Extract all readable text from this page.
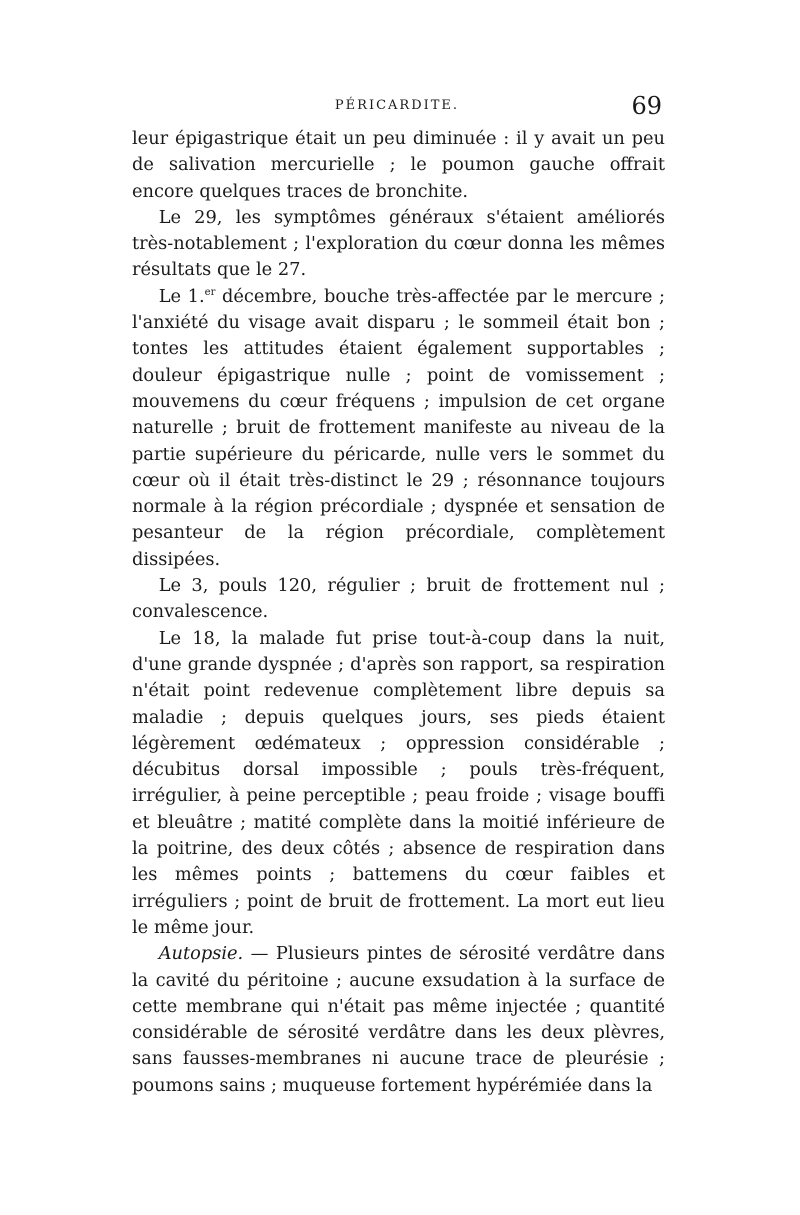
PÉRICARDITE.	69

leur épigastrique était un peu diminuée : il y avait un peu de salivation mercurielle ; le poumon gauche offrait encore quelques traces de bronchite.

Le 29, les symptômes généraux s'étaient améliorés très-notablement ; l'exploration du cœur donna les mêmes résultats que le 27.

Le 1.$^{er}$ décembre, bouche très-affectée par le mercure ; l'anxiété du visage avait disparu ; le sommeil était bon ; tontes les attitudes étaient également supportables ; douleur épigastrique nulle ; point de vomissement ; mouvemens du cœur fréquens ; impulsion de cet organe naturelle ; bruit de frottement manifeste au niveau de la partie supérieure du péricarde, nulle vers le sommet du cœur où il était très-distinct le 29 ; résonnance toujours normale à la région précordiale ; dyspnée et sensation de pesanteur de la région précordiale, complètement dissipées.

Le 3, pouls 120, régulier ; bruit de frottement nul ; convalescence.

Le 18, la malade fut prise tout-à-coup dans la nuit, d'une grande dyspnée ; d'après son rapport, sa respiration n'était point redevenue complètement libre depuis sa maladie ; depuis quelques jours, ses pieds étaient légèrement œdémateux ; oppression considérable ; décubitus dorsal impossible ; pouls très-fréquent, irrégulier, à peine perceptible ; peau froide ; visage bouffi et bleuâtre ; matité complète dans la moitié inférieure de la poitrine, des deux côtés ; absence de respiration dans les mêmes points ; battemens du cœur faibles et irréguliers ; point de bruit de frottement. La mort eut lieu le même jour.

Autopsie. — Plusieurs pintes de sérosité verdâtre dans la cavité du péritoine ; aucune exsudation à la surface de cette membrane qui n'était pas même injectée ; quantité considérable de sérosité verdâtre dans les deux plèvres, sans fausses-membranes ni aucune trace de pleurésie ; poumons sains ; muqueuse fortement hypérémiée dans la
